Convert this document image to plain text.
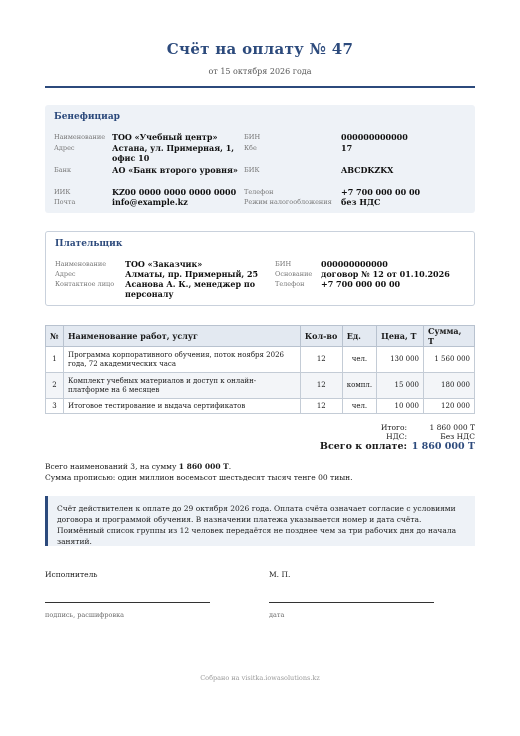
Счёт на оплату № 47
от 15 октября 2026 года
Бенефициар
Наименование ТОО «Учебный центр»
Адрес	Астана, ул. Примерная, 1, офис 10
Банк	АО «Банк второго уровня»
ИИК	KZ00 0000 0000 0000 0000
Почта	info@example.kz
БИН	000000000000
Кбе	17
БИК	ABCDKZKX
Телефон	+7 700 000 00 00
Режим налогообложения без НДС
Плательщик
Наименование ТОО «Заказчик»
Адрес	Алматы, пр. Примерный, 25
Контактное лицо Асанова А. К., менеджер по персоналу
БИН	000000000000
Основание договор № 12 от 01.10.2026
Телефон +7 700 000 00 00
№	Наименование работ, услуг	Кол-во	Ед.	Цена, Т	Сумма, Т
1	Программа корпоративного обучения, поток ноября 2026 года, 72 академических часа	12	чел.	130 000	1 560 000
2	Комплект учебных материалов и доступ к онлайн-платформе на 6 месяцев	12	компл.	15 000	180 000
3	Итоговое тестирование и выдача сертификатов	12	чел.	10 000	120 000
Итого:	1 860 000 Т
НДС:	Без НДС
Всего к оплате: 1 860 000 Т
Всего наименований 3, на сумму 1 860 000 Т.
Сумма прописью: один миллион восемьсот шестьдесят тысяч тенге 00 тиын.
Счёт действителен к оплате до 29 октября 2026 года. Оплата счёта означает согласие с условиями договора и программой обучения. В назначении платежа указывается номер и дата счёта. Поимённый список группы из 12 человек передаётся не позднее чем за три рабочих дня до начала занятий.
Исполнитель	М. П.
подпись, расшифровка	дата
Собрано на visitka.iowasolutions.kz
